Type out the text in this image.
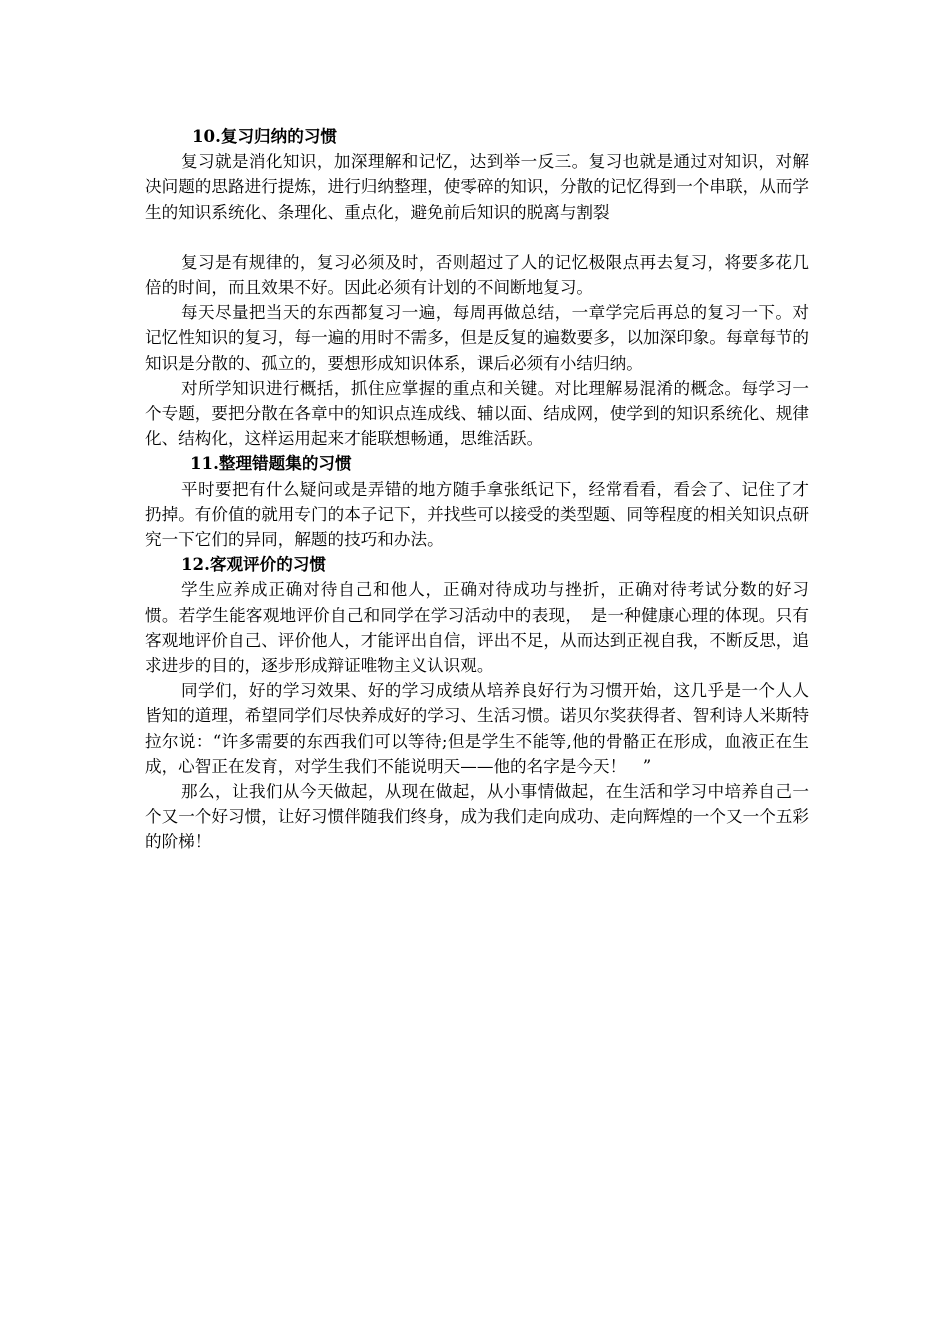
10.复习归纳的习惯

复习就是消化知识，加深理解和记忆，达到举一反三。复习也就是通过对知识，对解决问题的思路进行提炼，进行归纳整理，使零碎的知识，分散的记忆得到一个串联，从而学生的知识系统化、条理化、重点化，避免前后知识的脱离与割裂

复习是有规律的，复习必须及时，否则超过了人的记忆极限点再去复习，将要多花几倍的时间，而且效果不好。因此必须有计划的不间断地复习。

每天尽量把当天的东西都复习一遍，每周再做总结，一章学完后再总的复习一下。对记忆性知识的复习，每一遍的用时不需多，但是反复的遍数要多，以加深印象。每章每节的知识是分散的、孤立的，要想形成知识体系，课后必须有小结归纳。

对所学知识进行概括，抓住应掌握的重点和关键。对比理解易混淆的概念。每学习一个专题，要把分散在各章中的知识点连成线、辅以面、结成网，使学到的知识系统化、规律化、结构化，这样运用起来才能联想畅通，思维活跃。

11.整理错题集的习惯

平时要把有什么疑问或是弄错的地方随手拿张纸记下，经常看看，看会了、记住了才扔掉。有价值的就用专门的本子记下，并找些可以接受的类型题、同等程度的相关知识点研究一下它们的异同，解题的技巧和办法。

12.客观评价的习惯

学生应养成正确对待自己和他人，正确对待成功与挫折，正确对待考试分数的好习惯。若学生能客观地评价自己和同学在学习活动中的表现，　是一种健康心理的体现。只有客观地评价自己、评价他人，才能评出自信，评出不足，从而达到正视自我，不断反思，追求进步的目的，逐步形成辩证唯物主义认识观。

同学们，好的学习效果、好的学习成绩从培养良好行为习惯开始，这几乎是一个人人皆知的道理，希望同学们尽快养成好的学习、生活习惯。诺贝尔奖获得者、智利诗人米斯特拉尔说：“许多需要的东西我们可以等待;但是学生不能等,他的骨骼正在形成，血液正在生成，心智正在发育，对学生我们不能说明天——他的名字是今天！　”

那么，让我们从今天做起，从现在做起，从小事情做起，在生活和学习中培养自己一个又一个好习惯，让好习惯伴随我们终身，成为我们走向成功、走向辉煌的一个又一个五彩的阶梯！
